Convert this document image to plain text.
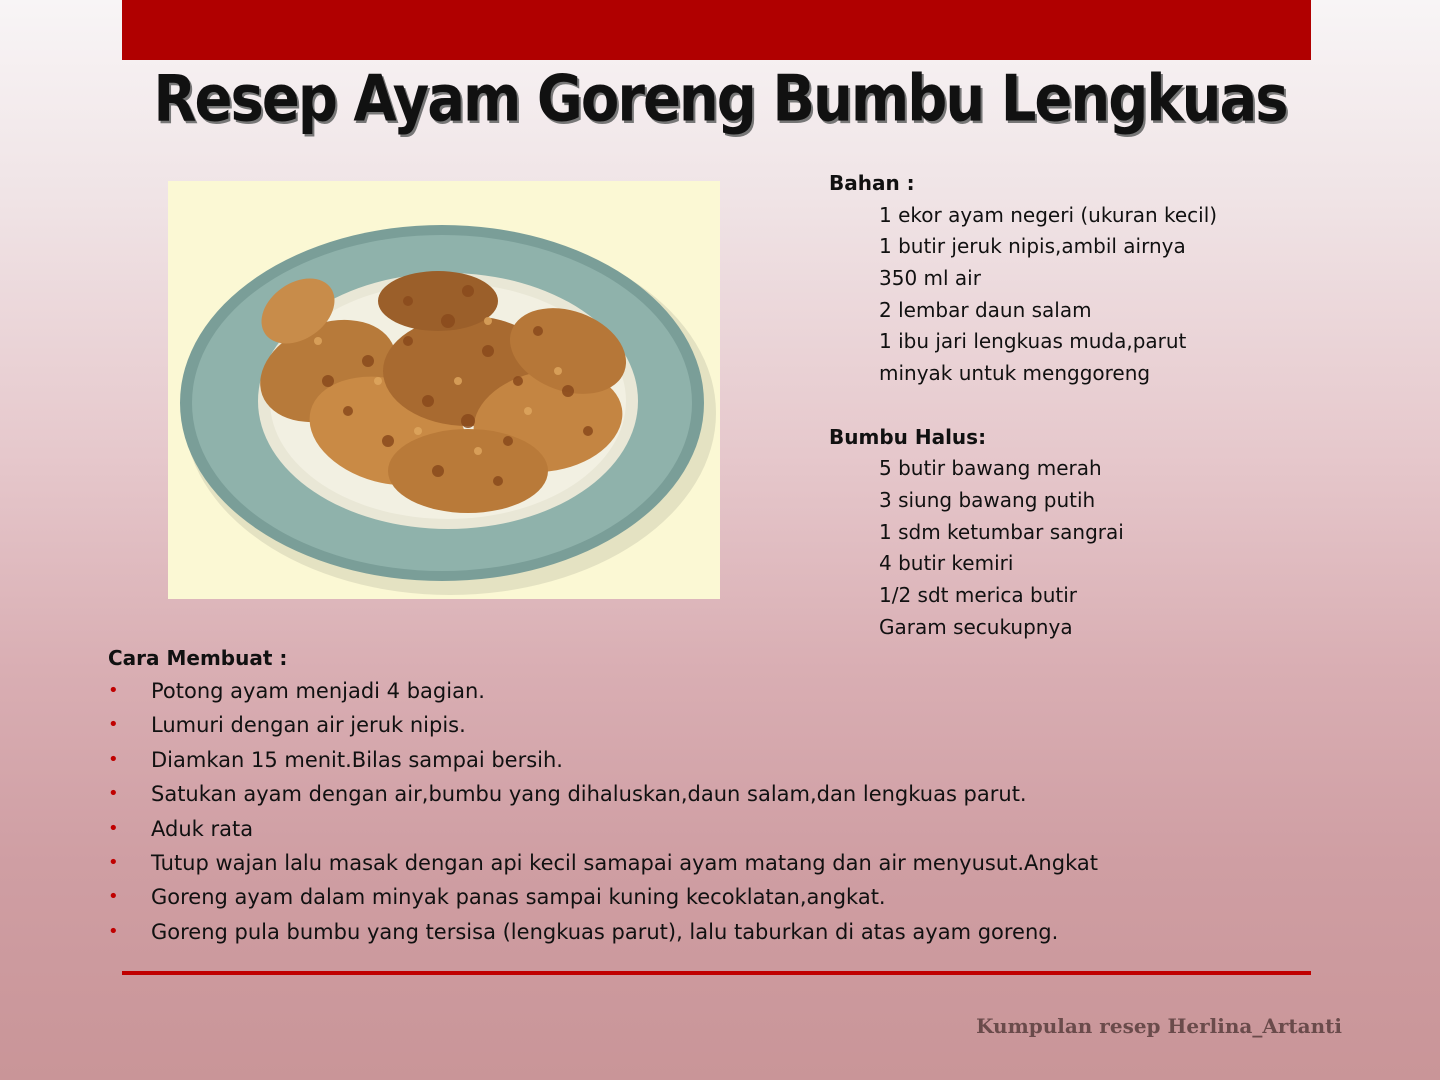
Resep Ayam Goreng Bumbu Lengkuas
Bahan :
1 ekor ayam negeri (ukuran kecil)
1 butir jeruk nipis,ambil airnya
350 ml air
2 lembar daun salam
1 ibu jari lengkuas muda,parut
minyak untuk menggoreng
Bumbu Halus:
5 butir bawang merah
3 siung bawang putih
1 sdm ketumbar sangrai
4 butir kemiri
1/2 sdt merica butir
Garam secukupnya
Cara Membuat :
• Potong ayam menjadi 4 bagian.
• Lumuri dengan air jeruk nipis.
• Diamkan 15 menit.Bilas sampai bersih.
• Satukan ayam dengan air,bumbu yang dihaluskan,daun salam,dan lengkuas parut.
• Aduk rata
• Tutup wajan lalu masak dengan api kecil samapai ayam matang dan air menyusut.Angkat
• Goreng ayam dalam minyak panas sampai kuning kecoklatan,angkat.
• Goreng pula bumbu yang tersisa (lengkuas parut), lalu taburkan di atas ayam goreng.
Kumpulan resep Herlina_Artanti
